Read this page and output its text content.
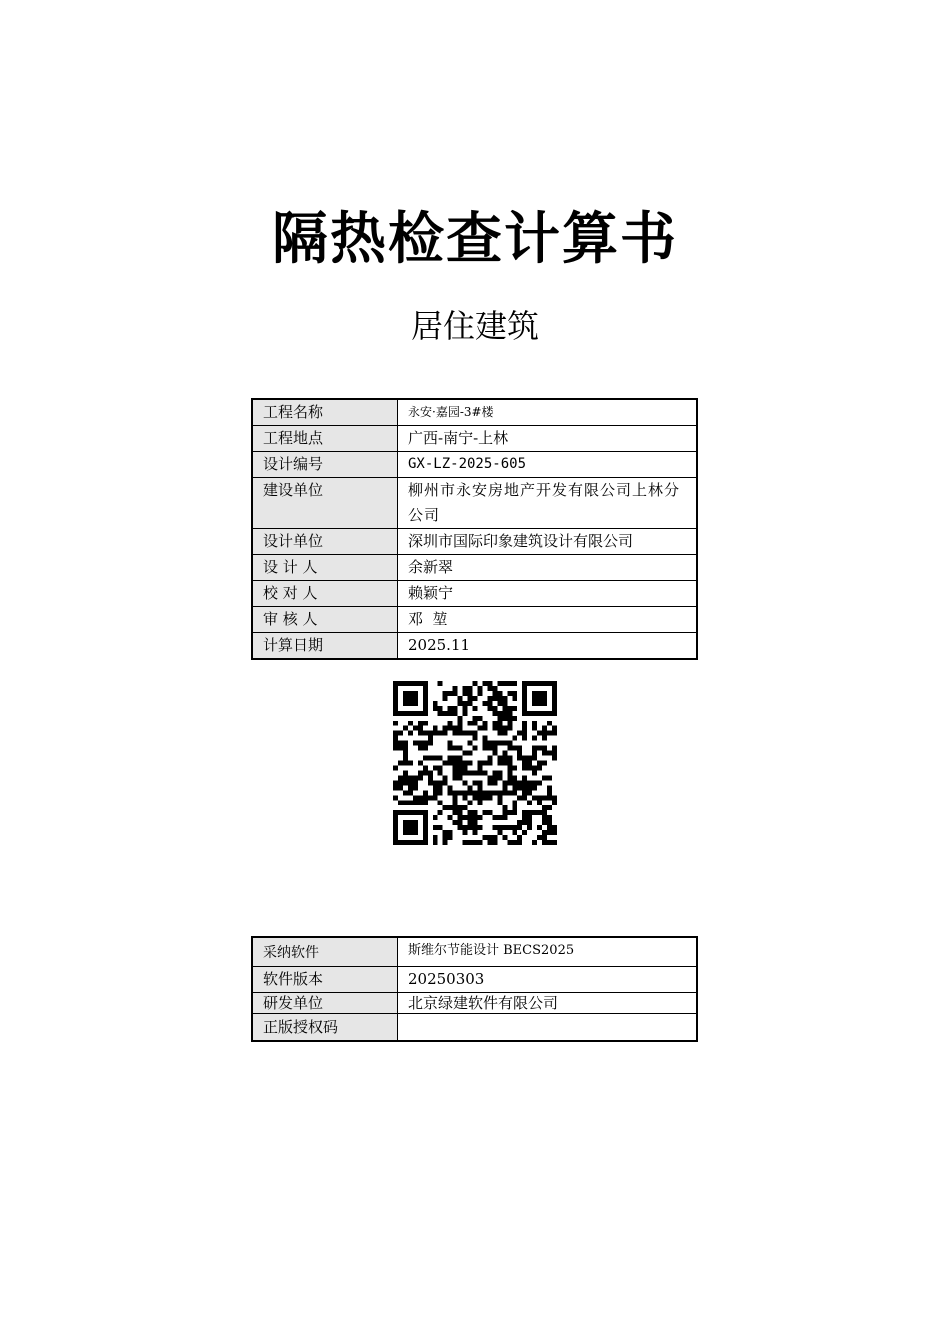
隔热检查计算书
居住建筑
工程名称	永安·嘉园-3#楼
工程地点	广西-南宁-上林
设计编号	GX-LZ-2025-605
建设单位	柳州市永安房地产开发有限公司上林分公司
设计单位	深圳市国际印象建筑设计有限公司
设 计 人	余新翠
校 对 人	赖颖宁
审 核 人	邓  堃
计算日期	2025.11
采纳软件	斯维尔节能设计 BECS2025
软件版本	20250303
研发单位	北京绿建软件有限公司
正版授权码	
